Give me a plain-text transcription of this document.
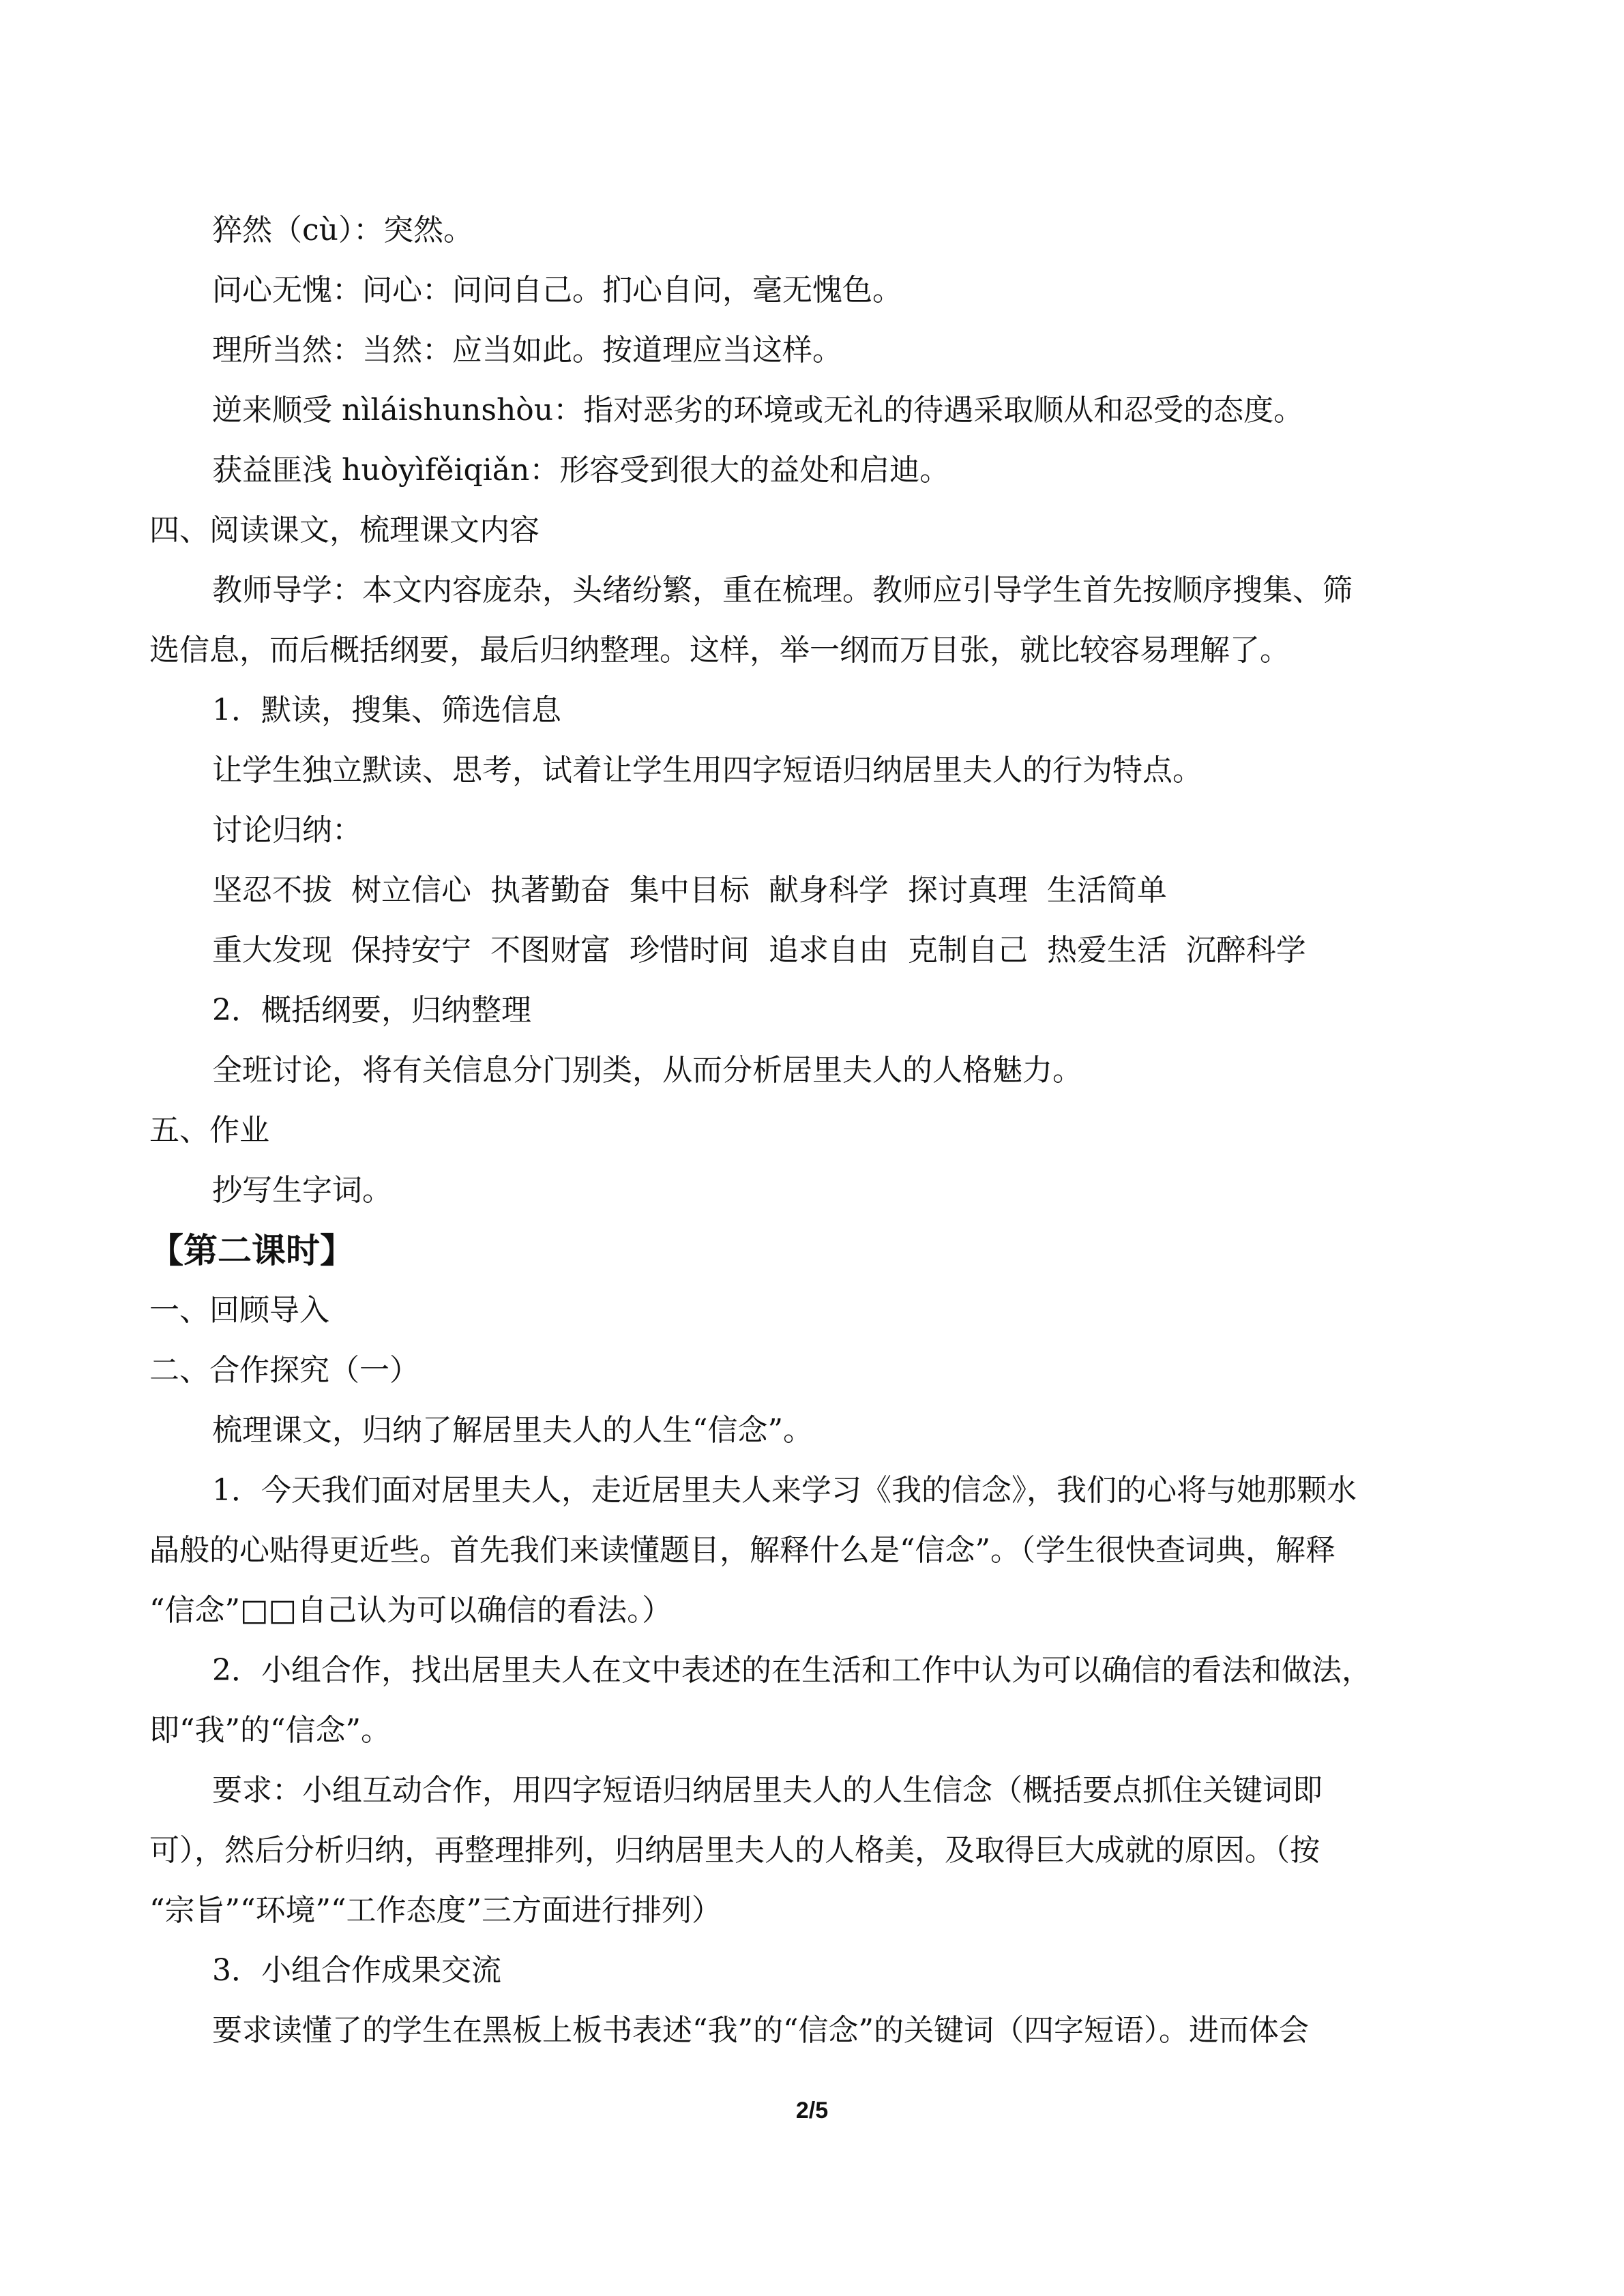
猝然（cù）：突然。
问心无愧：问心：问问自己。扪心自问，毫无愧色。
理所当然：当然：应当如此。按道理应当这样。
逆来顺受 nìláishunshòu：指对恶劣的环境或无礼的待遇采取顺从和忍受的态度。
获益匪浅 huòyìfěiqiǎn：形容受到很大的益处和启迪。
四、阅读课文，梳理课文内容
教师导学：本文内容庞杂，头绪纷繁，重在梳理。教师应引导学生首先按顺序搜集、筛
选信息，而后概括纲要，最后归纳整理。这样，举一纲而万目张，就比较容易理解了。
1．默读，搜集、筛选信息
让学生独立默读、思考，试着让学生用四字短语归纳居里夫人的行为特点。
讨论归纳：
坚忍不拔  树立信心  执著勤奋  集中目标  献身科学  探讨真理  生活简单
重大发现  保持安宁  不图财富  珍惜时间  追求自由  克制自己  热爱生活  沉醉科学
2．概括纲要，归纳整理
全班讨论，将有关信息分门别类，从而分析居里夫人的人格魅力。
五、作业
抄写生字词。
【第二课时】
一、回顾导入
二、合作探究（一）
梳理课文，归纳了解居里夫人的人生“信念”。
1．今天我们面对居里夫人，走近居里夫人来学习《我的信念》，我们的心将与她那颗水
晶般的心贴得更近些。首先我们来读懂题目，解释什么是“信念”。（学生很快查词典，解释
“信念”□□自己认为可以确信的看法。）
2．小组合作，找出居里夫人在文中表述的在生活和工作中认为可以确信的看法和做法，
即“我”的“信念”。
要求：小组互动合作，用四字短语归纳居里夫人的人生信念（概括要点抓住关键词即
可），然后分析归纳，再整理排列，归纳居里夫人的人格美，及取得巨大成就的原因。（按
“宗旨”“环境”“工作态度”三方面进行排列）
3．小组合作成果交流
要求读懂了的学生在黑板上板书表述“我”的“信念”的关键词（四字短语）。进而体会
2/5
